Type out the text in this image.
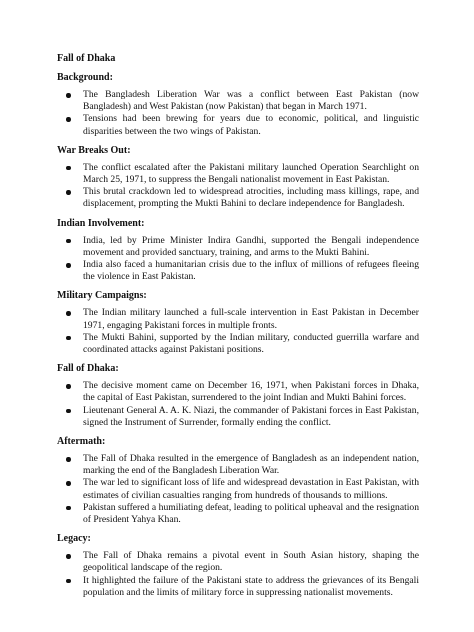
Fall of Dhaka
Background:
The Bangladesh Liberation War was a conflict between East Pakistan (now Bangladesh) and West Pakistan (now Pakistan) that began in March 1971.
Tensions had been brewing for years due to economic, political, and linguistic disparities between the two wings of Pakistan.
War Breaks Out:
The conflict escalated after the Pakistani military launched Operation Searchlight on March 25, 1971, to suppress the Bengali nationalist movement in East Pakistan.
This brutal crackdown led to widespread atrocities, including mass killings, rape, and displacement, prompting the Mukti Bahini to declare independence for Bangladesh.
Indian Involvement:
India, led by Prime Minister Indira Gandhi, supported the Bengali independence movement and provided sanctuary, training, and arms to the Mukti Bahini.
India also faced a humanitarian crisis due to the influx of millions of refugees fleeing the violence in East Pakistan.
Military Campaigns:
The Indian military launched a full-scale intervention in East Pakistan in December 1971, engaging Pakistani forces in multiple fronts.
The Mukti Bahini, supported by the Indian military, conducted guerrilla warfare and coordinated attacks against Pakistani positions.
Fall of Dhaka:
The decisive moment came on December 16, 1971, when Pakistani forces in Dhaka, the capital of East Pakistan, surrendered to the joint Indian and Mukti Bahini forces.
Lieutenant General A. A. K. Niazi, the commander of Pakistani forces in East Pakistan, signed the Instrument of Surrender, formally ending the conflict.
Aftermath:
The Fall of Dhaka resulted in the emergence of Bangladesh as an independent nation, marking the end of the Bangladesh Liberation War.
The war led to significant loss of life and widespread devastation in East Pakistan, with estimates of civilian casualties ranging from hundreds of thousands to millions.
Pakistan suffered a humiliating defeat, leading to political upheaval and the resignation of President Yahya Khan.
Legacy:
The Fall of Dhaka remains a pivotal event in South Asian history, shaping the geopolitical landscape of the region.
It highlighted the failure of the Pakistani state to address the grievances of its Bengali population and the limits of military force in suppressing nationalist movements.
